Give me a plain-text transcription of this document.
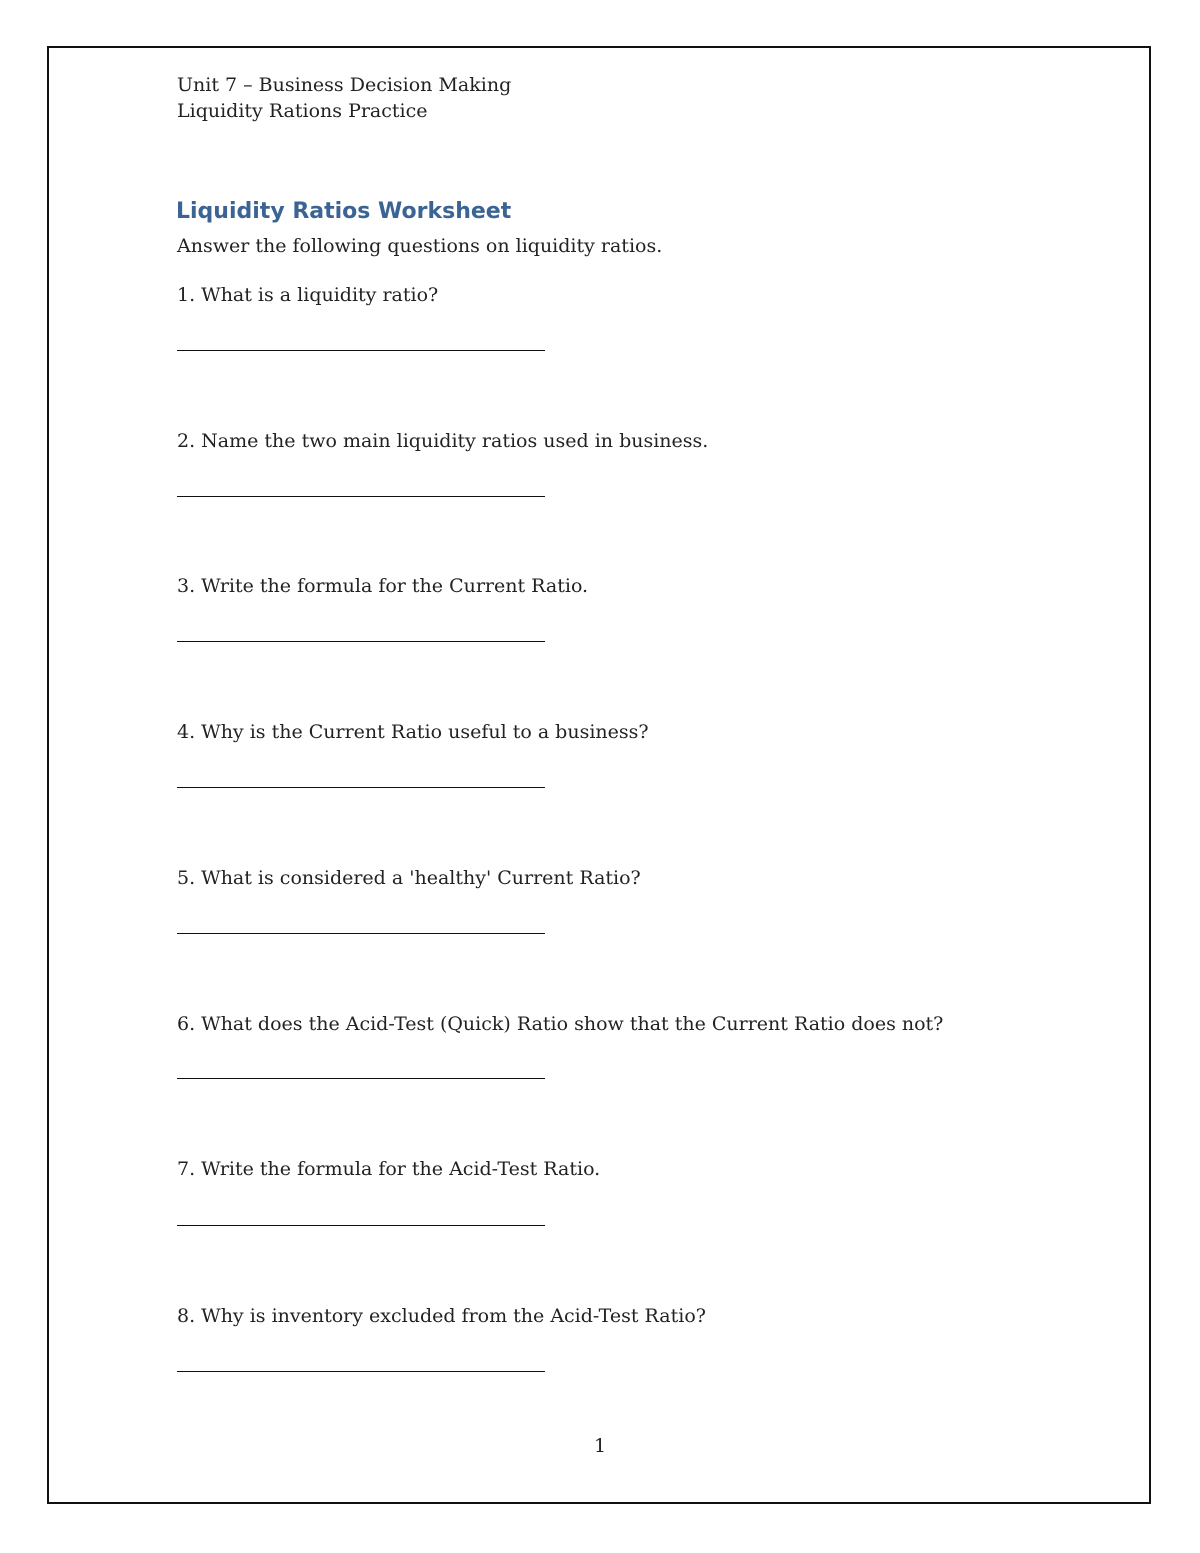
Unit 7 – Business Decision Making
Liquidity Rations Practice
Liquidity Ratios Worksheet
Answer the following questions on liquidity ratios.
1. What is a liquidity ratio?
2. Name the two main liquidity ratios used in business.
3. Write the formula for the Current Ratio.
4. Why is the Current Ratio useful to a business?
5. What is considered a 'healthy' Current Ratio?
6. What does the Acid-Test (Quick) Ratio show that the Current Ratio does not?
7. Write the formula for the Acid-Test Ratio.
8. Why is inventory excluded from the Acid-Test Ratio?
1
